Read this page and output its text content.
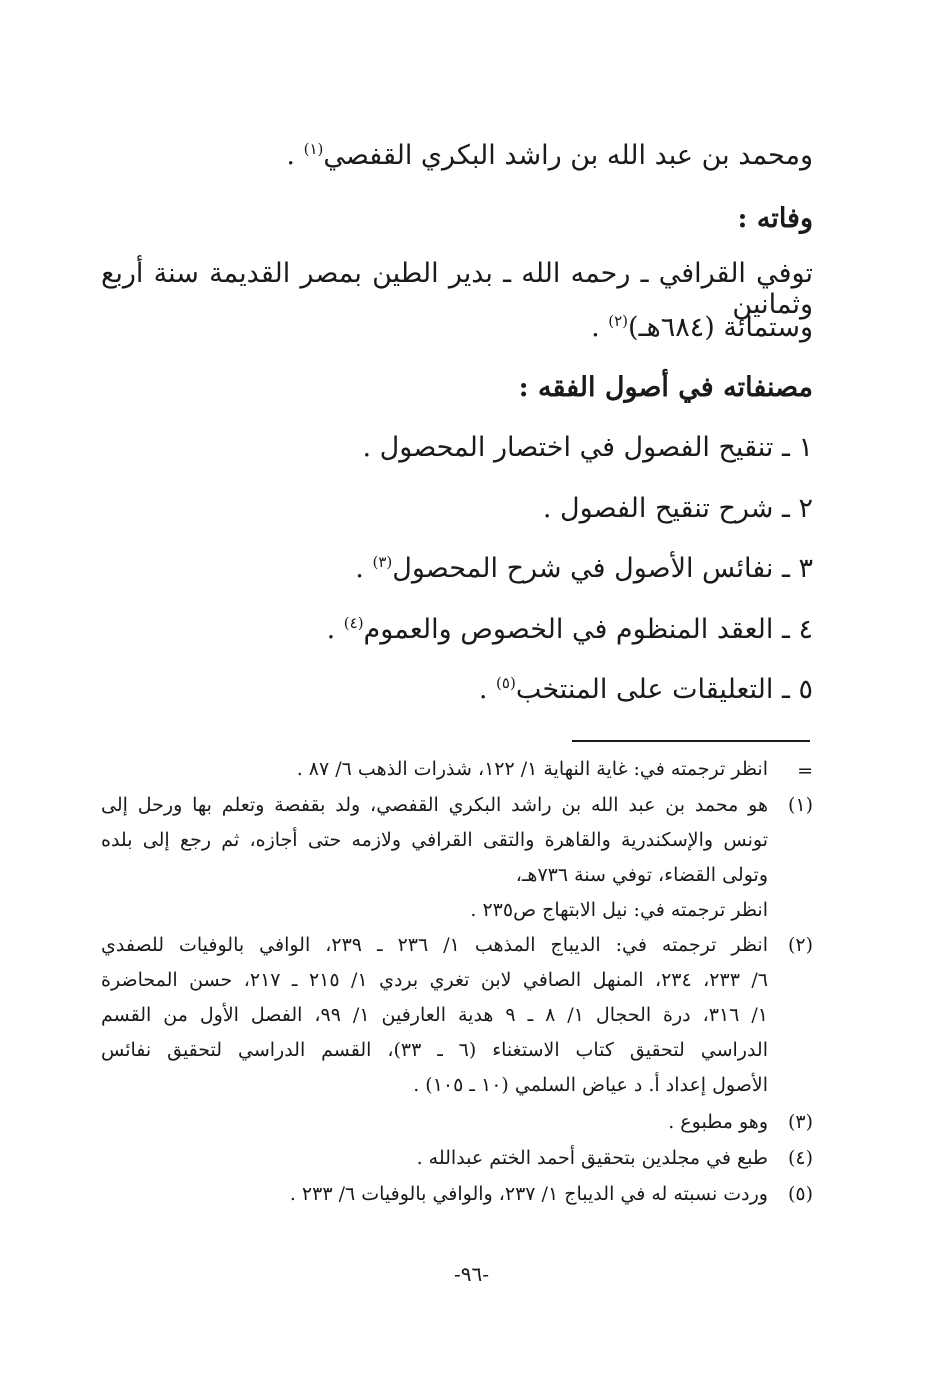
ومحمد بن عبد الله بن راشد البكري القفصي$^{(١)}$ .
وفاته :
توفي القرافي ـ رحمه الله ـ بدير الطين بمصر القديمة سنة أربع وثمانين
وستمائة (٦٨٤هـ)$^{(٢)}$ .
مصنفاته في أصول الفقه :
١ ـ تنقيح الفصول في اختصار المحصول .
٢ ـ شرح تنقيح الفصول .
٣ ـ نفائس الأصول في شرح المحصول$^{(٣)}$ .
٤ ـ العقد المنظوم في الخصوص والعموم$^{(٤)}$ .
٥ ـ التعليقات على المنتخب$^{(٥)}$ .
=
انظر ترجمته في: غاية النهاية ١/ ١٢٢، شذرات الذهب ٦/ ٨٧ .
(١)
هو محمد بن عبد الله بن راشد البكري القفصي، ولد بقفصة وتعلم بها ورحل إلى
تونس والإسكندرية والقاهرة والتقى القرافي ولازمه حتى أجازه، ثم رجع إلى بلده
وتولى القضاء، توفي سنة ٧٣٦هـ،
انظر ترجمته في: نيل الابتهاج ص٢٣٥ .
(٢)
انظر ترجمته في: الديباج المذهب ١/ ٢٣٦ ـ ٢٣٩، الوافي بالوفيات للصفدي
٦/ ٢٣٣، ٢٣٤، المنهل الصافي لابن تغري بردي ١/ ٢١٥ ـ ٢١٧، حسن المحاضرة
١/ ٣١٦، درة الحجال ١/ ٨ ـ ٩ هدية العارفين ١/ ٩٩، الفصل الأول من القسم
الدراسي لتحقيق كتاب الاستغناء (٦ ـ ٣٣)، القسم الدراسي لتحقيق نفائس
الأصول إعداد أ. د عياض السلمي (١٠ ـ ١٠٥) .
(٣)
وهو مطبوع .
(٤)
طبع في مجلدين بتحقيق أحمد الختم عبدالله .
(٥)
وردت نسبته له في الديباج ١/ ٢٣٧، والوافي بالوفيات ٦/ ٢٣٣ .
-٩٦-
